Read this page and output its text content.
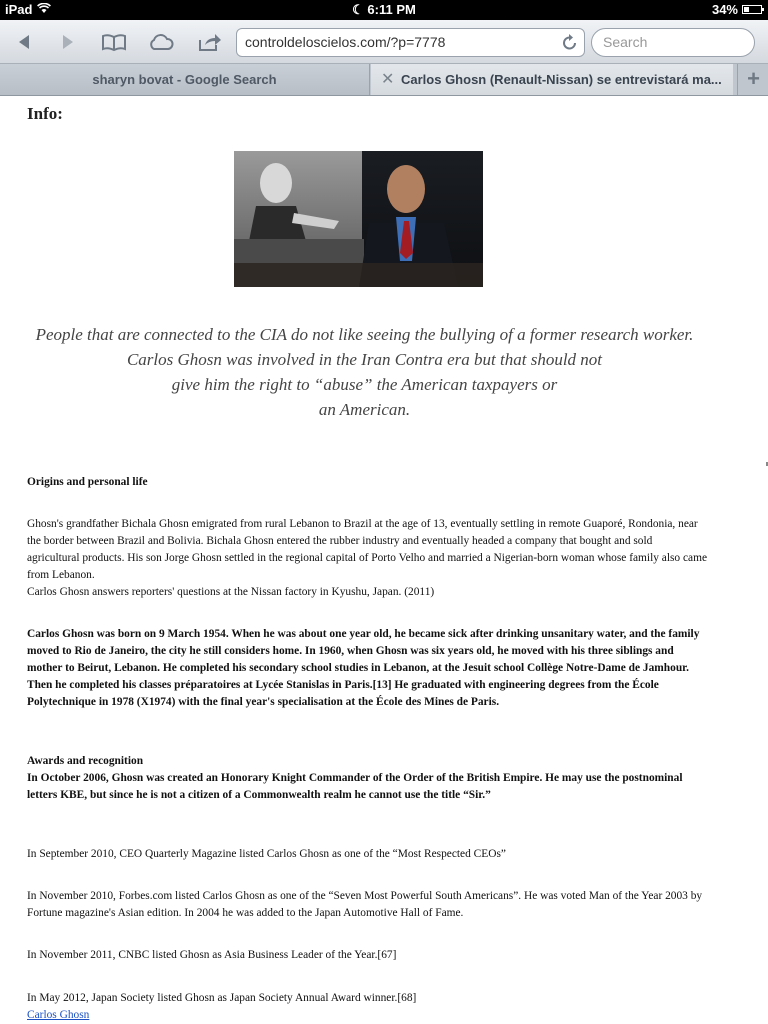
iPad	☾ 6:11 PM	34%
controldeloscielos.com/?p=7778	Search
sharyn bovat - Google Search	✕ Carlos Ghosn (Renault-Nissan) se entrevistará ma...	+
Info:

People that are connected to the CIA do not like seeing the bullying of a former research worker.

Carlos Ghosn was involved in the Iran Contra era but that should not

give him the right to “abuse” the American taxpayers or

an American.

Origins and personal life

Ghosn's grandfather Bichala Ghosn emigrated from rural Lebanon to Brazil at the age of 13, eventually settling in remote Guaporé, Rondonia, near the border between Brazil and Bolivia. Bichala Ghosn entered the rubber industry and eventually headed a company that bought and sold agricultural products. His son Jorge Ghosn settled in the regional capital of Porto Velho and married a Nigerian-born woman whose family also came from Lebanon.

Carlos Ghosn answers reporters' questions at the Nissan factory in Kyushu, Japan. (2011)

Carlos Ghosn was born on 9 March 1954. When he was about one year old, he became sick after drinking unsanitary water, and the family moved to Rio de Janeiro, the city he still considers home. In 1960, when Ghosn was six years old, he moved with his three siblings and mother to Beirut, Lebanon. He completed his secondary school studies in Lebanon, at the Jesuit school Collège Notre-Dame de Jamhour. Then he completed his classes préparatoires at Lycée Stanislas in Paris.[13] He graduated with engineering degrees from the École Polytechnique in 1978 (X1974) with the final year's specialisation at the École des Mines de Paris.

Awards and recognition

In October 2006, Ghosn was created an Honorary Knight Commander of the Order of the British Empire. He may use the postnominal letters KBE, but since he is not a citizen of a Commonwealth realm he cannot use the title “Sir.”

In September 2010, CEO Quarterly Magazine listed Carlos Ghosn as one of the “Most Respected CEOs”
In November 2010, Forbes.com listed Carlos Ghosn as one of the “Seven Most Powerful South Americans”. He was voted Man of the Year 2003 by Fortune magazine's Asian edition. In 2004 he was added to the Japan Automotive Hall of Fame.
In November 2011, CNBC listed Ghosn as Asia Business Leader of the Year.[67]

In May 2012, Japan Society listed Ghosn as Japan Society Annual Award winner.[68]

Carlos Ghosn
